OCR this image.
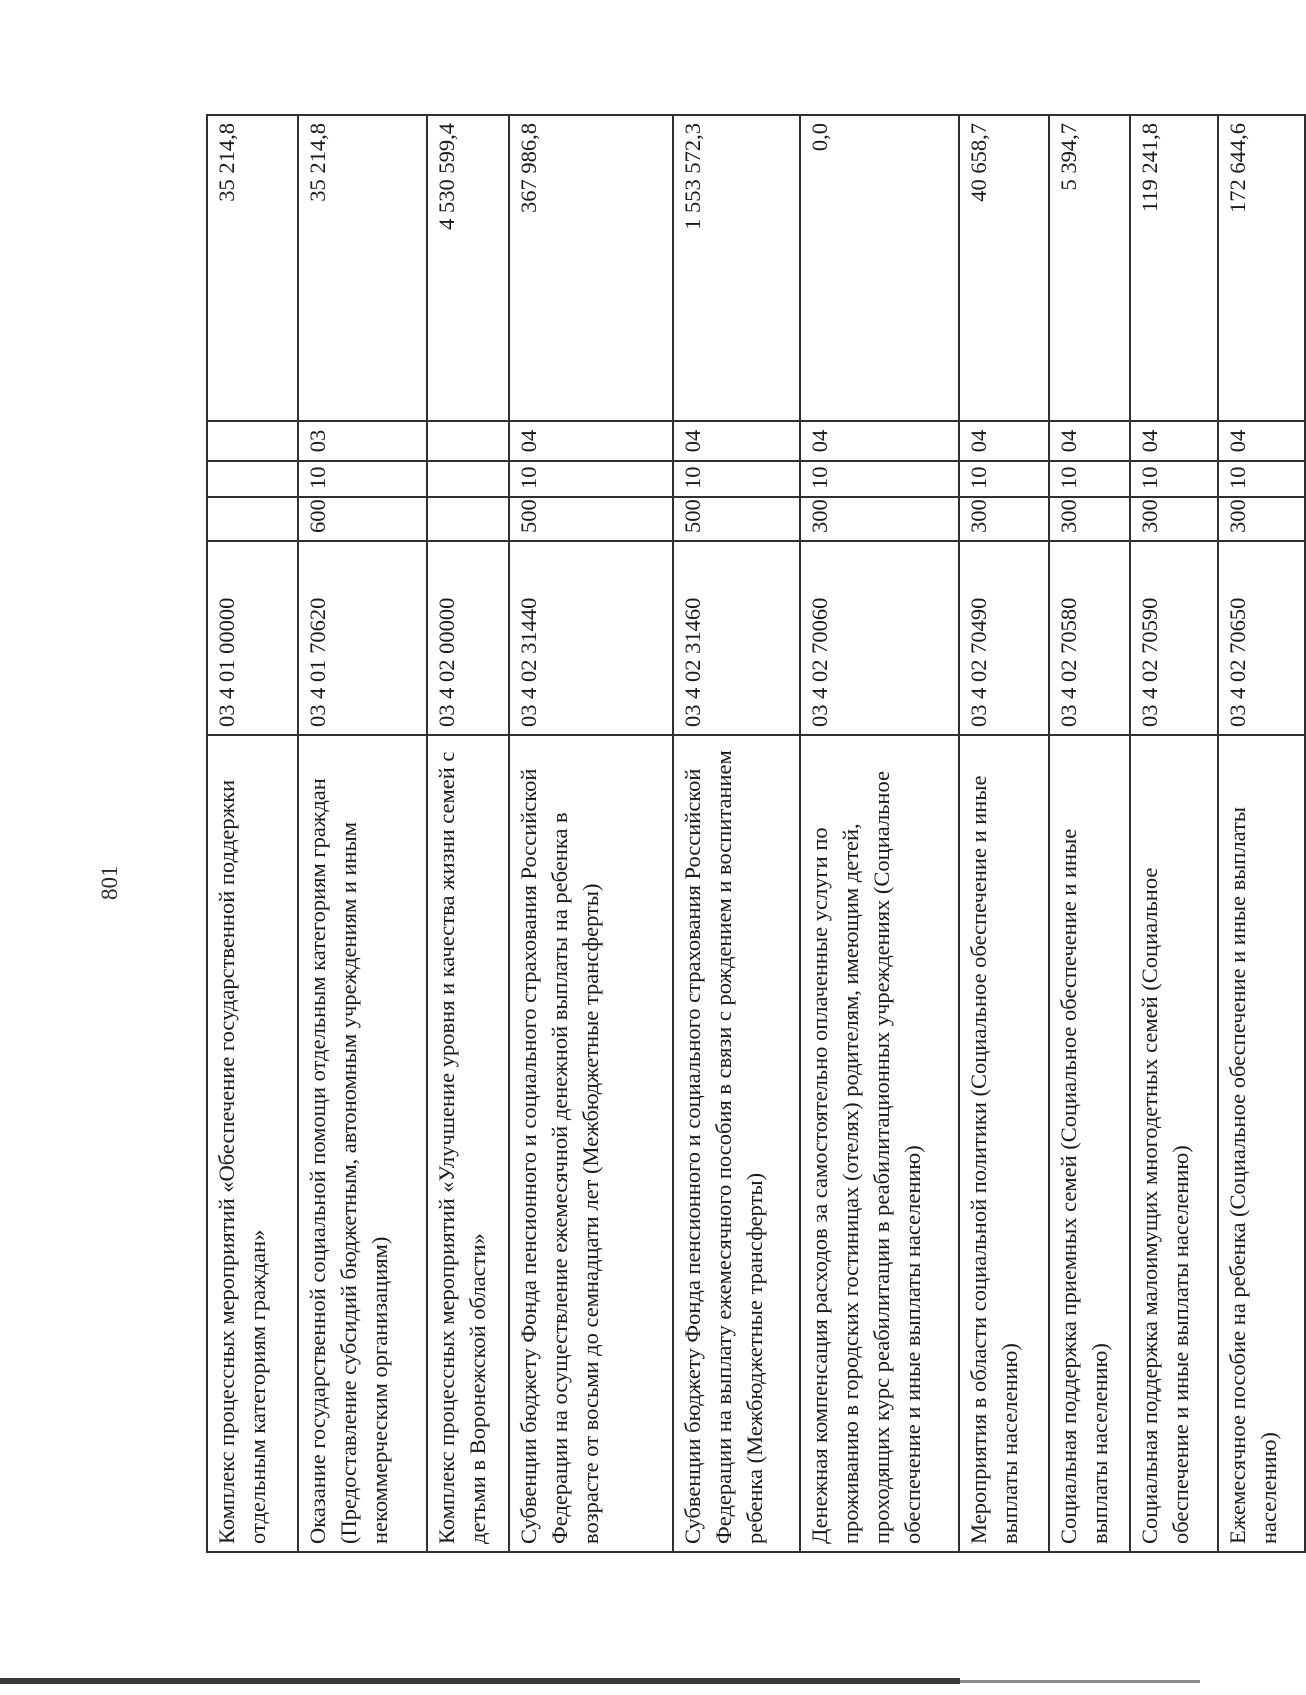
801	Комплекс процессных мероприятий «Обеспечение государственной поддержки отдельным категориям граждан»	03 4 01 00000				35 214,8
Оказание государственной социальной помощи отдельным категориям граждан (Предоставление субсидий бюджетным, автономным учреждениям и иным некоммерческим организациям)	03 4 01 70620	600	10	03	35 214,8
Комплекс процессных мероприятий «Улучшение уровня и качества жизни семей с детьми в Воронежской области»	03 4 02 00000				4 530 599,4
Субвенции бюджету Фонда пенсионного и социального страхования Российской Федерации на осуществление ежемесячной денежной выплаты на ребенка в возрасте от восьми до семнадцати лет (Межбюджетные трансферты)	03 4 02 31440	500	10	04	367 986,8
Субвенции бюджету Фонда пенсионного и социального страхования Российской Федерации на выплату ежемесячного пособия в связи с рождением и воспитанием ребенка (Межбюджетные трансферты)	03 4 02 31460	500	10	04	1 553 572,3
Денежная компенсация расходов за самостоятельно оплаченные услуги по проживанию в городских гостиницах (отелях) родителям, имеющим детей, проходящих курс реабилитации в реабилитационных учреждениях (Социальное обеспечение и иные выплаты населению)	03 4 02 70060	300	10	04	0,0
Мероприятия в области социальной политики (Социальное обеспечение и иные выплаты населению)	03 4 02 70490	300	10	04	40 658,7
Социальная поддержка приемных семей (Социальное обеспечение и иные выплаты населению)	03 4 02 70580	300	10	04	5 394,7
Социальная поддержка малоимущих многодетных семей (Социальное обеспечение и иные выплаты населению)	03 4 02 70590	300	10	04	119 241,8
Ежемесячное пособие на ребенка (Социальное обеспечение и иные выплаты населению)	03 4 02 70650	300	10	04	172 644,6
